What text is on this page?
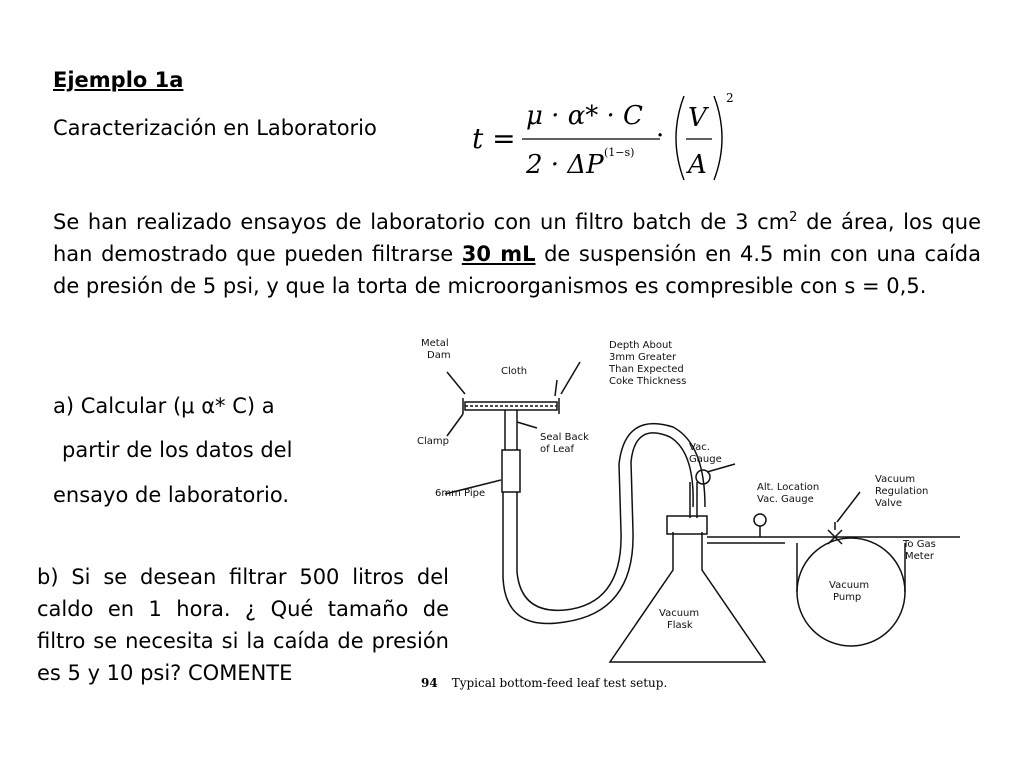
Ejemplo 1a
Caracterización en Laboratorio	t =
μ · α* · C
2 · ΔP (1−s)
·
V
A
2
Se han realizado ensayos de laboratorio con un filtro batch de 3 $cm^2$ de área, los que han demostrado que pueden filtrarse 30 mL de suspensión en 4.5 min con una caída de presión de 5 psi, y que la torta de microorganismos es compresible con s = 0,5.
a) Calcular (μ α* C) a
partir de los datos del
ensayo de laboratorio.
b) Si se desean filtrar 500 litros del caldo en 1 hora. ¿ Qué tamaño de filtro se necesita si la caída de presión es 5 y 10 psi? COMENTE
Metal
Dam
Cloth
Depth About
3mm Greater
Than Expected
Coke Thickness
Clamp	Seal Back
of Leaf
6mm Pipe
Vac.
Gauge
Alt. Location
Vac. Gauge
Vacuum
Regulation
Valve
To Gas
Meter
Vacuum
Pump
Vacuum
Flask
94 Typical bottom-feed leaf test setup.
